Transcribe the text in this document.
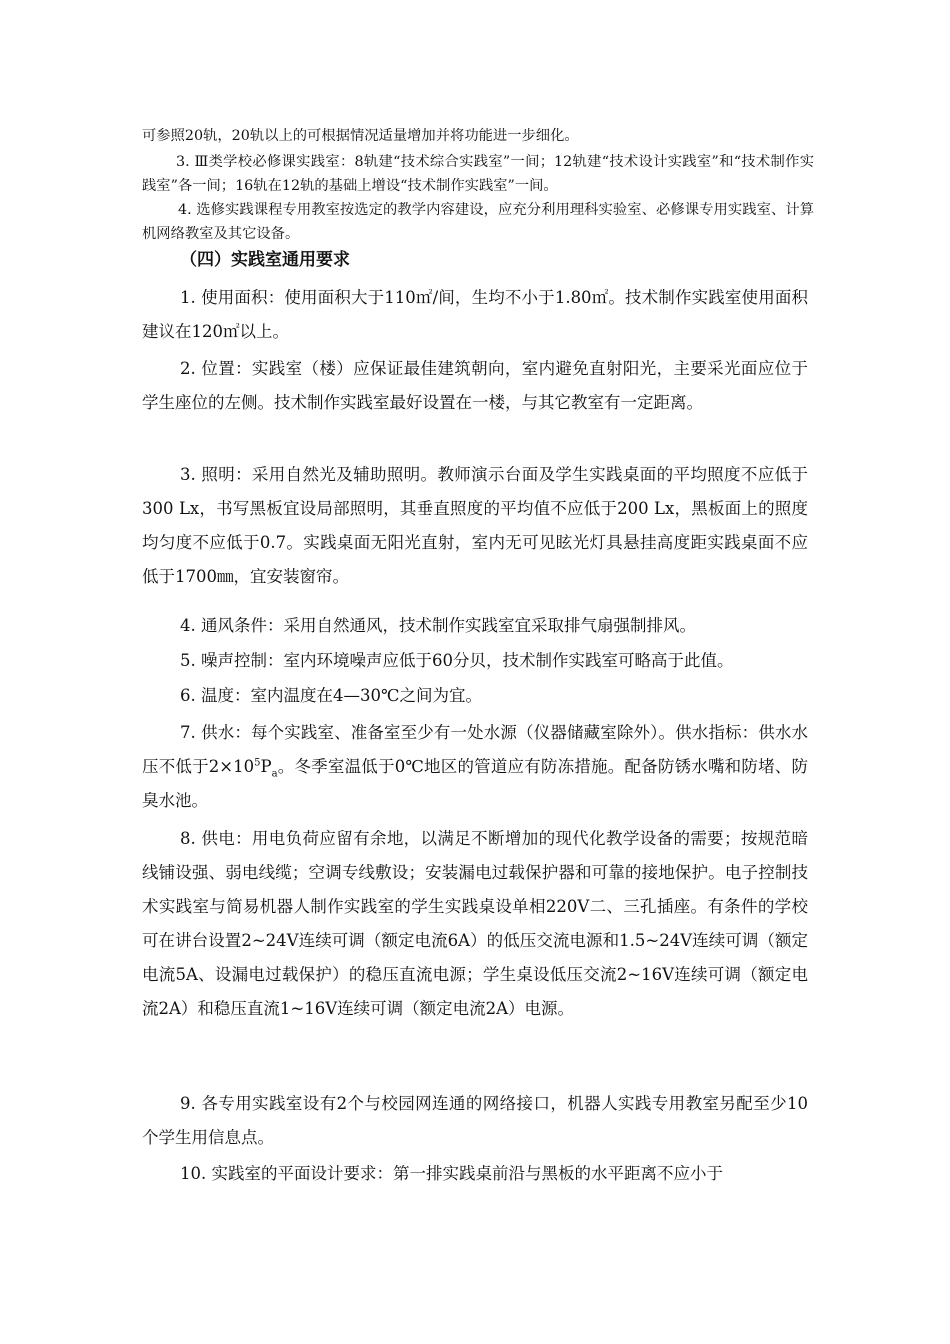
可参照20轨，20轨以上的可根据情况适量增加并将功能进一步细化。

3. Ⅲ类学校必修课实践室：8轨建“技术综合实践室”一间；12轨建“技术设计实践室”和“技术制作实践室”各一间；16轨在12轨的基础上增设“技术制作实践室”一间。

4. 选修实践课程专用教室按选定的教学内容建设，应充分利用理科实验室、必修课专用实践室、计算机网络教室及其它设备。

（四）实践室通用要求

1. 使用面积：使用面积大于110㎡/间，生均不小于1.80㎡。技术制作实践室使用面积建议在120㎡以上。

2. 位置：实践室（楼）应保证最佳建筑朝向，室内避免直射阳光，主要采光面应位于学生座位的左侧。技术制作实践室最好设置在一楼，与其它教室有一定距离。

3. 照明：采用自然光及辅助照明。教师演示台面及学生实践桌面的平均照度不应低于300 Lx，书写黑板宜设局部照明，其垂直照度的平均值不应低于200 Lx，黑板面上的照度均匀度不应低于0.7。实践桌面无阳光直射，室内无可见眩光灯具悬挂高度距实践桌面不应低于1700㎜，宜安装窗帘。

4. 通风条件：采用自然通风，技术制作实践室宜采取排气扇强制排风。

5. 噪声控制：室内环境噪声应低于60分贝，技术制作实践室可略高于此值。

6. 温度：室内温度在4—30℃之间为宜。

7. 供水：每个实践室、准备室至少有一处水源（仪器储藏室除外）。供水指标：供水水压不低于$2\times 10^5P_a$。冬季室温低于0℃地区的管道应有防冻措施。配备防锈水嘴和防堵、防臭水池。

8. 供电：用电负荷应留有余地，以满足不断增加的现代化教学设备的需要；按规范暗线铺设强、弱电线缆；空调专线敷设；安装漏电过载保护器和可靠的接地保护。电子控制技术实践室与简易机器人制作实践室的学生实践桌设单相220V二、三孔插座。有条件的学校可在讲台设置2~24V连续可调（额定电流6A）的低压交流电源和1.5~24V连续可调（额定电流5A、设漏电过载保护）的稳压直流电源；学生桌设低压交流2~16V连续可调（额定电流2A）和稳压直流1~16V连续可调（额定电流2A）电源。

9. 各专用实践室设有2个与校园网连通的网络接口，机器人实践专用教室另配至少10个学生用信息点。

10. 实践室的平面设计要求：第一排实践桌前沿与黑板的水平距离不应小于
